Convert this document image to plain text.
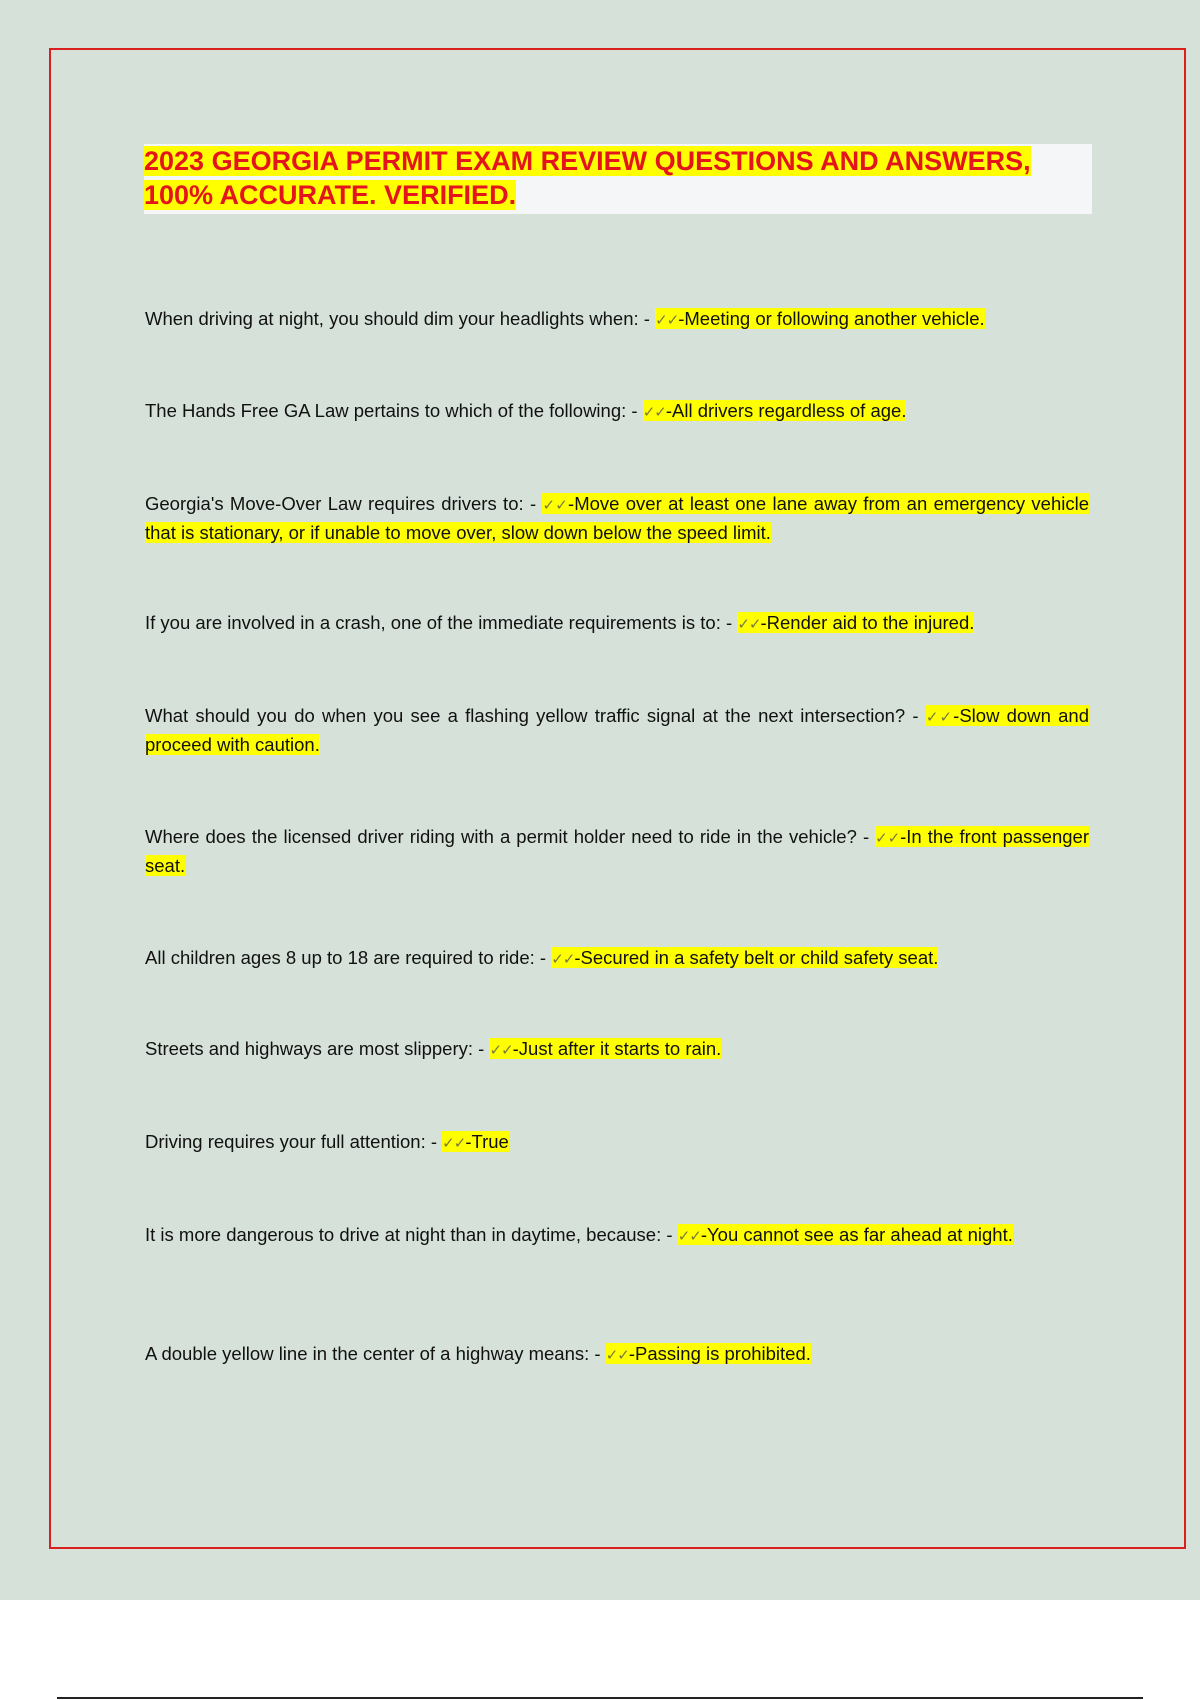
2023 GEORGIA PERMIT EXAM REVIEW QUESTIONS AND ANSWERS,
100% ACCURATE. VERIFIED.

When driving at night, you should dim your headlights when: - ✓✓-Meeting or following another vehicle.

The Hands Free GA Law pertains to which of the following: - ✓✓-All drivers regardless of age.

Georgia's Move-Over Law requires drivers to: - ✓✓-Move over at least one lane away from an emergency vehicle that is stationary, or if unable to move over, slow down below the speed limit.

If you are involved in a crash, one of the immediate requirements is to: - ✓✓-Render aid to the injured.

What should you do when you see a flashing yellow traffic signal at the next intersection? - ✓✓-Slow down and proceed with caution.

Where does the licensed driver riding with a permit holder need to ride in the vehicle? - ✓✓-In the front passenger seat.

All children ages 8 up to 18 are required to ride: - ✓✓-Secured in a safety belt or child safety seat.

Streets and highways are most slippery: - ✓✓-Just after it starts to rain.

Driving requires your full attention: - ✓✓-True

It is more dangerous to drive at night than in daytime, because: - ✓✓-You cannot see as far ahead at night.

A double yellow line in the center of a highway means: - ✓✓-Passing is prohibited.
